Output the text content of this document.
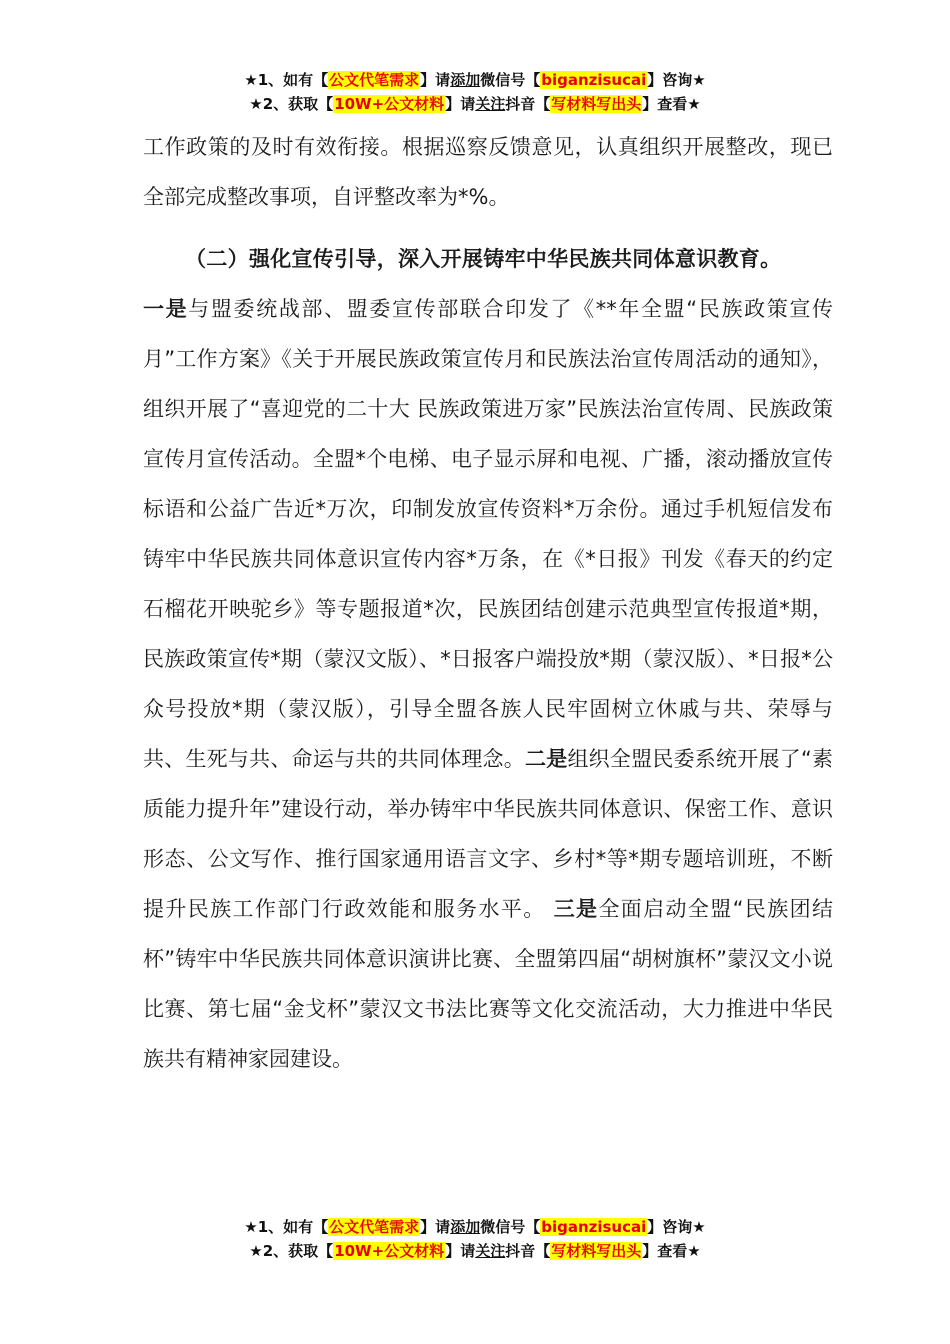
★1、如有【公文代笔需求】请添加微信号【biganzisucai】咨询★
★2、获取【10W+公文材料】请关注抖音【写材料写出头】查看★

工作政策的及时有效衔接。根据巡察反馈意见，认真组织开展整改，现已全部完成整改事项，自评整改率为*%。

（二）强化宣传引导，深入开展铸牢中华民族共同体意识教育。

一是与盟委统战部、盟委宣传部联合印发了《**年全盟“民族政策宣传月”工作方案》《关于开展民族政策宣传月和民族法治宣传周活动的通知》，组织开展了“喜迎党的二十大 民族政策进万家”民族法治宣传周、民族政策宣传月宣传活动。全盟*个电梯、电子显示屏和电视、广播，滚动播放宣传标语和公益广告近*万次，印制发放宣传资料*万余份。通过手机短信发布铸牢中华民族共同体意识宣传内容*万条，在《*日报》刊发《春天的约定 石榴花开映驼乡》等专题报道*次，民族团结创建示范典型宣传报道*期，民族政策宣传*期（蒙汉文版）、*日报客户端投放*期（蒙汉版）、*日报*公众号投放*期（蒙汉版），引导全盟各族人民牢固树立休戚与共、荣辱与共、生死与共、命运与共的共同体理念。二是组织全盟民委系统开展了“素质能力提升年”建设行动，举办铸牢中华民族共同体意识、保密工作、意识形态、公文写作、推行国家通用语言文字、乡村*等*期专题培训班，不断提升民族工作部门行政效能和服务水平。 三是全面启动全盟“民族团结杯”铸牢中华民族共同体意识演讲比赛、全盟第四届“胡树旗杯”蒙汉文小说比赛、第七届“金戈杯”蒙汉文书法比赛等文化交流活动，大力推进中华民族共有精神家园建设。

★1、如有【公文代笔需求】请添加微信号【biganzisucai】咨询★
★2、获取【10W+公文材料】请关注抖音【写材料写出头】查看★
